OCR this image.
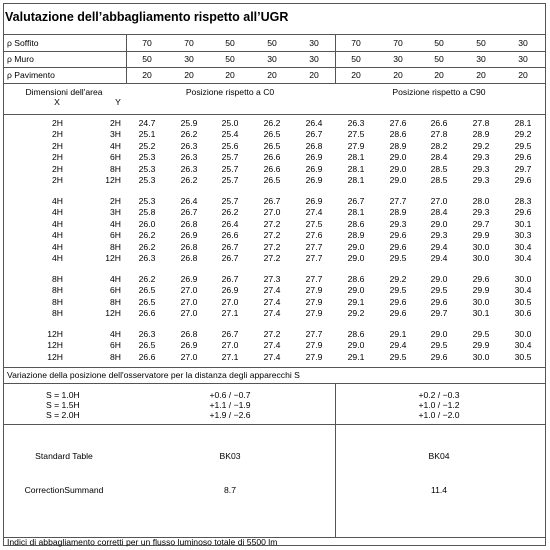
Valutazione dell’abbagliamento rispetto all’UGR
ρ Soffito	70	70	50	50	30	70	70	50	50	30
ρ Muro	50	30	50	30	30	50	30	50	30	30
ρ Pavimento	20	20	20	20	20	20	20	20	20	20
Dimensioni dell'area
X	Y
Posizione rispetto a C0	Posizione rispetto a C90
2H	2H 24.7	25.9	25.0	26.2	26.4	26.3	27.6	26.6	27.8	28.1
2H	3H 25.1	26.2	25.4	26.5	26.7	27.5	28.6	27.8	28.9	29.2
2H	4H 25.2	26.3	25.6	26.5	26.8	27.9	28.9	28.2	29.2	29.5
2H	6H 25.3	26.3	25.7	26.6	26.9	28.1	29.0	28.4	29.3	29.6
2H	8H 25.3	26.3	25.7	26.6	26.9	28.1	29.0	28.5	29.3	29.7
2H	12H 25.3	26.2	25.7	26.5	26.9	28.1	29.0	28.5	29.3	29.6
4H	2H 25.3	26.4	25.7	26.7	26.9	26.7	27.7	27.0	28.0	28.3
4H	3H 25.8	26.7	26.2	27.0	27.4	28.1	28.9	28.4	29.3	29.6
4H	4H 26.0	26.8	26.4	27.2	27.5	28.6	29.3	29.0	29.7	30.1
4H	6H 26.2	26.9	26.6	27.2	27.6	28.9	29.6	29.3	29.9	30.3
4H	8H 26.2	26.8	26.7	27.2	27.7	29.0	29.6	29.4	30.0	30.4
4H	12H 26.3	26.8	26.7	27.2	27.7	29.0	29.5	29.4	30.0	30.4
8H	4H 26.2	26.9	26.7	27.3	27.7	28.6	29.2	29.0	29.6	30.0
8H	6H 26.5	27.0	26.9	27.4	27.9	29.0	29.5	29.5	29.9	30.4
8H	8H 26.5	27.0	27.0	27.4	27.9	29.1	29.6	29.6	30.0	30.5
8H	12H 26.6	27.0	27.1	27.4	27.9	29.2	29.6	29.7	30.1	30.6
12H	4H 26.3	26.8	26.7	27.2	27.7	28.6	29.1	29.0	29.5	30.0
12H	6H 26.5	26.9	27.0	27.4	27.9	29.0	29.4	29.5	29.9	30.4
12H	8H 26.6	27.0	27.1	27.4	27.9	29.1	29.5	29.6	30.0	30.5
Variazione della posizione dell'osservatore per la distanza degli apparecchi S
S = 1.0H	+0.6 / −0.7	+0.2 / −0.3
S = 1.5H	+1.1 / −1.9	+1.0 / −1.2
S = 2.0H	+1.9 / −2.6	+1.0 / −2.0
Standard Table	BK03	BK04
CorrectionSummand	8.7	11.4
Indici di abbagliamento corretti per un flusso luminoso totale di 5500 lm
